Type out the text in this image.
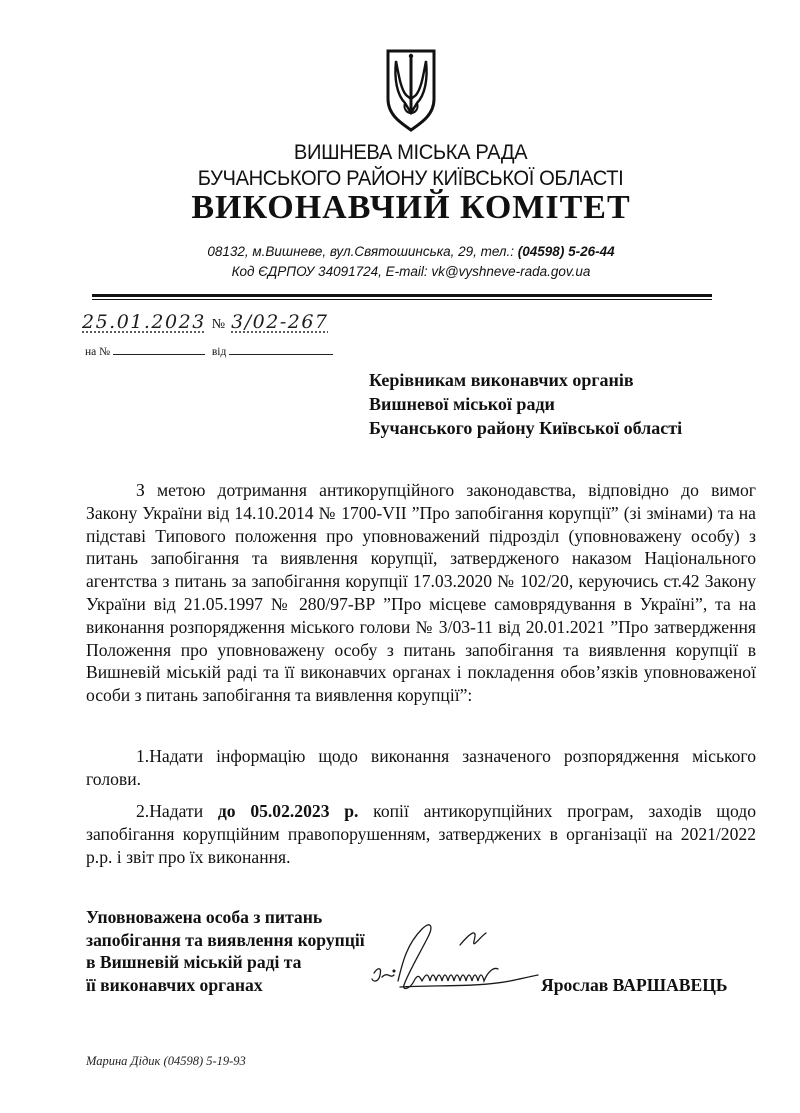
ВИШНЕВА МІСЬКА РАДА
БУЧАНСЬКОГО РАЙОНУ КИЇВСЬКОЇ ОБЛАСТІ
ВИКОНАВЧИЙ КОМІТЕТ
08132, м.Вишневе, вул.Святошинська, 29, тел.: (04598) 5-26-44
Код ЄДРПОУ 34091724, E-mail: vk@vyshneve-rada.gov.ua
25.01.2023 № 3/02-267
на №	від
Керівникам виконавчих органів
Вишневої міської ради
Бучанського району Київської області
З метою дотримання антикорупційного законодавства, відповідно до вимог Закону України від 14.10.2014 № 1700-VII ”Про запобігання корупції” (зі змінами) та на підставі Типового положення про уповноважений підрозділ (уповноважену особу) з питань запобігання та виявлення корупції, затвердженого наказом Національного агентства з питань за запобігання корупції 17.03.2020 № 102/20, керуючись ст.42 Закону України від 21.05.1997 № 280/97-ВР ”Про місцеве самоврядування в Україні”, та на виконання розпорядження міського голови № 3/03-11 від 20.01.2021 ”Про затвердження Положення про уповноважену особу з питань запобігання та виявлення корупції в Вишневій міській раді та її виконавчих органах і покладення обов’язків уповноваженої особи з питань запобігання та виявлення корупції”:
1.Надати інформацію щодо виконання зазначеного розпорядження міського голови.
2.Надати до 05.02.2023 р. копії антикорупційних програм, заходів щодо запобігання корупційним правопорушенням, затверджених в організації на 2021/2022 р.р. і звіт про їх виконання.
Уповноважена особа з питань
запобігання та виявлення корупції
в Вишневій міській раді та
її виконавчих органах	Ярослав ВАРШАВЕЦЬ
Марина Дідик (04598) 5-19-93
